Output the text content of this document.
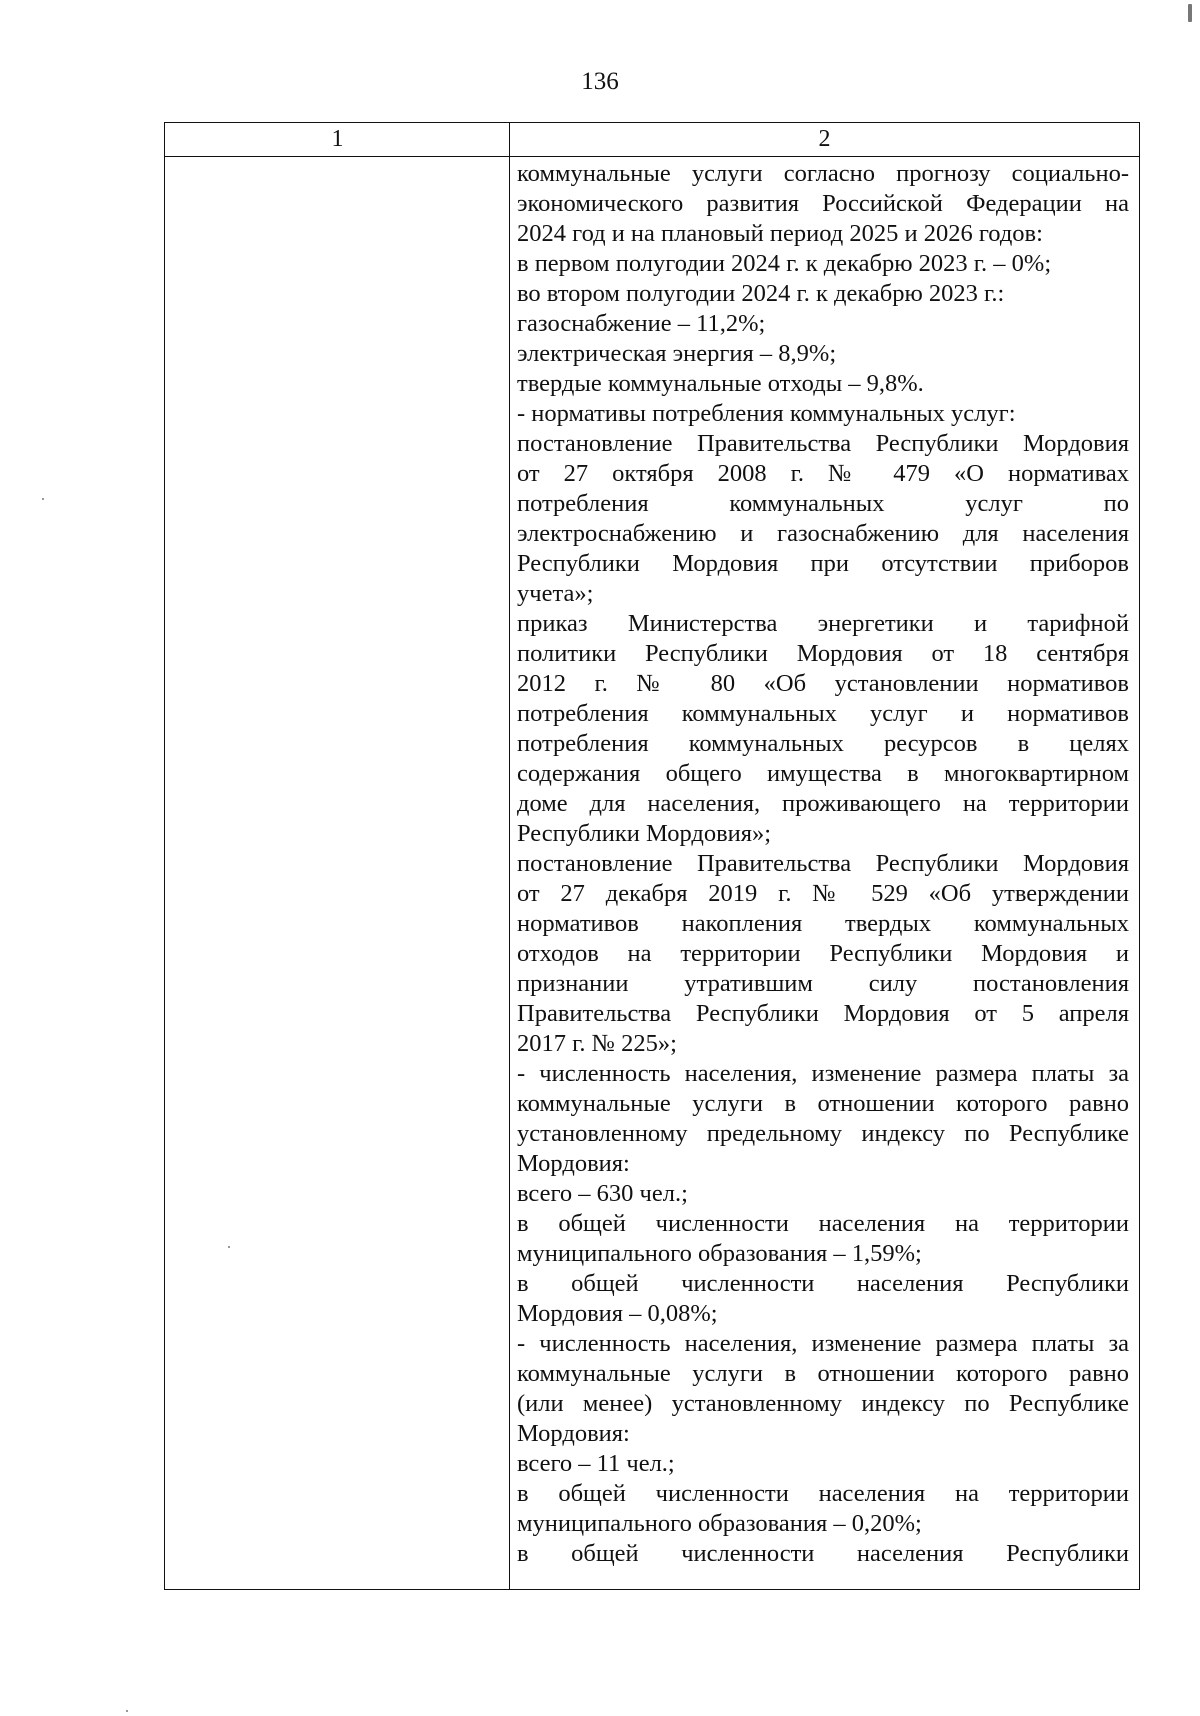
136
1	2
коммунальные услуги согласно прогнозу социально-
экономического развития Российской Федерации на
2024 год и на плановый период 2025 и 2026 годов:
в первом полугодии 2024 г. к декабрю 2023 г. – 0%;
во втором полугодии 2024 г. к декабрю 2023 г.:
газоснабжение – 11,2%;
электрическая энергия – 8,9%;
твердые коммунальные отходы – 9,8%.
- нормативы потребления коммунальных услуг:
постановление Правительства Республики Мордовия
от 27 октября 2008 г. № 479 «О нормативах
потребления коммунальных услуг по
электроснабжению и газоснабжению для населения
Республики Мордовия при отсутствии приборов
учета»;
приказ Министерства энергетики и тарифной
политики Республики Мордовия от 18 сентября
2012 г. № 80 «Об установлении нормативов
потребления коммунальных услуг и нормативов
потребления коммунальных ресурсов в целях
содержания общего имущества в многоквартирном
доме для населения, проживающего на территории
Республики Мордовия»;
постановление Правительства Республики Мордовия
от 27 декабря 2019 г. № 529 «Об утверждении
нормативов накопления твердых коммунальных
отходов на территории Республики Мордовия и
признании утратившим силу постановления
Правительства Республики Мордовия от 5 апреля
2017 г. № 225»;
- численность населения, изменение размера платы за
коммунальные услуги в отношении которого равно
установленному предельному индексу по Республике
Мордовия:
всего – 630 чел.;
в общей численности населения на территории
муниципального образования – 1,59%;
в общей численности населения Республики
Мордовия – 0,08%;
- численность населения, изменение размера платы за
коммунальные услуги в отношении которого равно
(или менее) установленному индексу по Республике
Мордовия:
всего – 11 чел.;
в общей численности населения на территории
муниципального образования – 0,20%;
в общей численности населения Республики
